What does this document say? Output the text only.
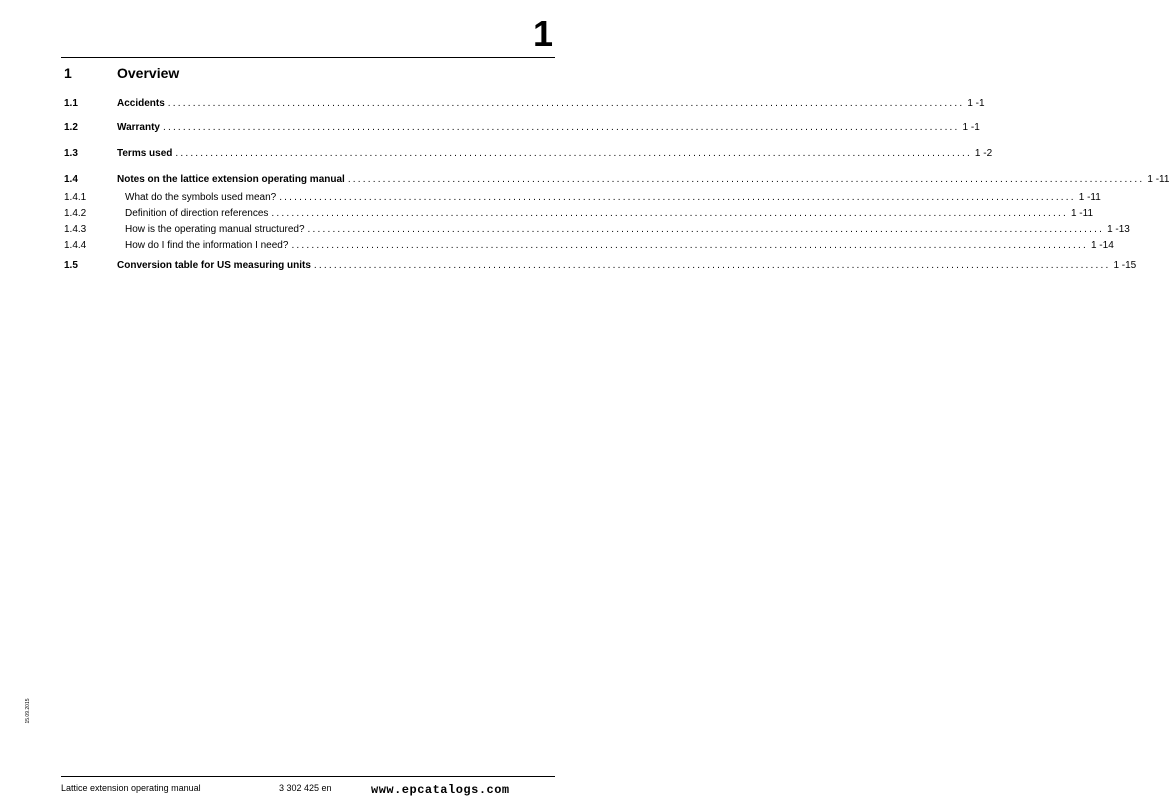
1
1	Overview
1.1	Accidents ................................................................................................................................................................ 1 - 1
1.2	Warranty ................................................................................................................................................................ 1 - 1
1.3	Terms used ................................................................................................................................................................ 1 - 2
1.4	Notes on the lattice extension operating manual ................................................................................................................................................................ 1 - 11
1.4.1	What do the symbols used mean? ................................................................................................................................................................ 1 - 11
1.4.2	Definition of direction references ................................................................................................................................................................ 1 - 11
1.4.3	How is the operating manual structured? ................................................................................................................................................................ 1 - 13
1.4.4	How do I find the information I need? ................................................................................................................................................................ 1 - 14
1.5	Conversion table for US measuring units ................................................................................................................................................................ 1 - 15
15.09.2015
Lattice extension operating manual	3 302 425 en	www.epcatalogs.com
